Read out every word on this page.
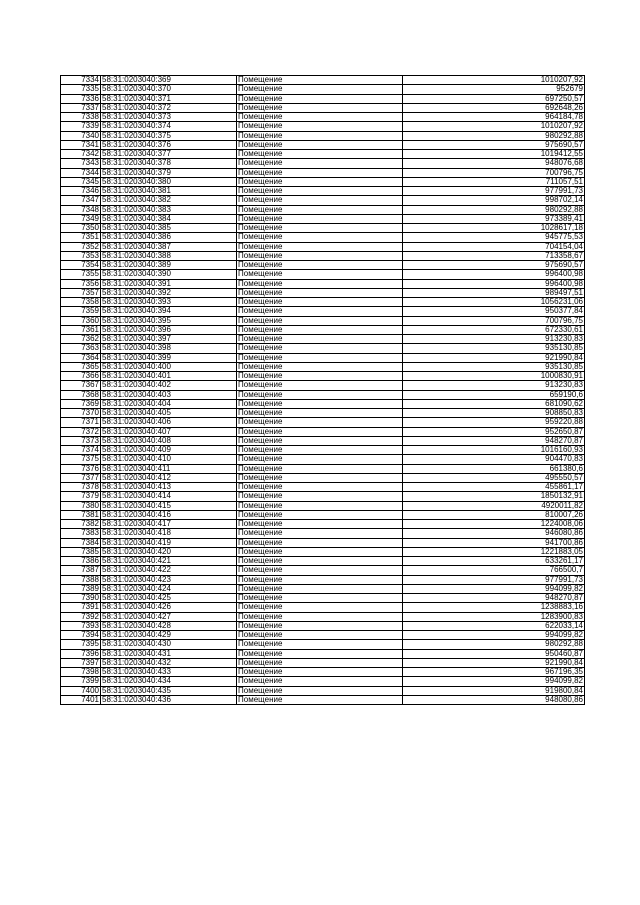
7334	58:31:0203040:369	Помещение	1010207,92
7335	58:31:0203040:370	Помещение	952679
7336	58:31:0203040:371	Помещение	697250,57
7337	58:31:0203040:372	Помещение	692648,26
7338	58:31:0203040:373	Помещение	964184,78
7339	58:31:0203040:374	Помещение	1010207,92
7340	58:31:0203040:375	Помещение	980292,88
7341	58:31:0203040:376	Помещение	975690,57
7342	58:31:0203040:377	Помещение	1019412,55
7343	58:31:0203040:378	Помещение	948076,68
7344	58:31:0203040:379	Помещение	700796,75
7345	58:31:0203040:380	Помещение	711057,51
7346	58:31:0203040:381	Помещение	977991,73
7347	58:31:0203040:382	Помещение	998702,14
7348	58:31:0203040:383	Помещение	980292,88
7349	58:31:0203040:384	Помещение	973389,41
7350	58:31:0203040:385	Помещение	1028617,18
7351	58:31:0203040:386	Помещение	945775,53
7352	58:31:0203040:387	Помещение	704154,04
7353	58:31:0203040:388	Помещение	713358,67
7354	58:31:0203040:389	Помещение	975690,57
7355	58:31:0203040:390	Помещение	996400,98
7356	58:31:0203040:391	Помещение	996400,98
7357	58:31:0203040:392	Помещение	989497,51
7358	58:31:0203040:393	Помещение	1056231,06
7359	58:31:0203040:394	Помещение	950377,84
7360	58:31:0203040:395	Помещение	700796,75
7361	58:31:0203040:396	Помещение	672330,61
7362	58:31:0203040:397	Помещение	913230,83
7363	58:31:0203040:398	Помещение	935130,85
7364	58:31:0203040:399	Помещение	921990,84
7365	58:31:0203040:400	Помещение	935130,85
7366	58:31:0203040:401	Помещение	1000830,91
7367	58:31:0203040:402	Помещение	913230,83
7368	58:31:0203040:403	Помещение	659190,6
7369	58:31:0203040:404	Помещение	681090,62
7370	58:31:0203040:405	Помещение	908850,83
7371	58:31:0203040:406	Помещение	959220,88
7372	58:31:0203040:407	Помещение	952650,87
7373	58:31:0203040:408	Помещение	948270,87
7374	58:31:0203040:409	Помещение	1016160,93
7375	58:31:0203040:410	Помещение	904470,83
7376	58:31:0203040:411	Помещение	661380,6
7377	58:31:0203040:412	Помещение	495550,57
7378	58:31:0203040:413	Помещение	455861,17
7379	58:31:0203040:414	Помещение	1850132,91
7380	58:31:0203040:415	Помещение	4920011,82
7381	58:31:0203040:416	Помещение	810007,26
7382	58:31:0203040:417	Помещение	1224008,06
7383	58:31:0203040:418	Помещение	946080,86
7384	58:31:0203040:419	Помещение	941700,86
7385	58:31:0203040:420	Помещение	1221883,05
7386	58:31:0203040:421	Помещение	633261,17
7387	58:31:0203040:422	Помещение	766500,7
7388	58:31:0203040:423	Помещение	977991,73
7389	58:31:0203040:424	Помещение	994099,82
7390	58:31:0203040:425	Помещение	948270,87
7391	58:31:0203040:426	Помещение	1238883,16
7392	58:31:0203040:427	Помещение	1283900,83
7393	58:31:0203040:428	Помещение	622033,14
7394	58:31:0203040:429	Помещение	994099,82
7395	58:31:0203040:430	Помещение	980292,88
7396	58:31:0203040:431	Помещение	950460,87
7397	58:31:0203040:432	Помещение	921990,84
7398	58:31:0203040:433	Помещение	967196,35
7399	58:31:0203040:434	Помещение	994099,82
7400	58:31:0203040:435	Помещение	919800,84
7401	58:31:0203040:436	Помещение	948080,86
